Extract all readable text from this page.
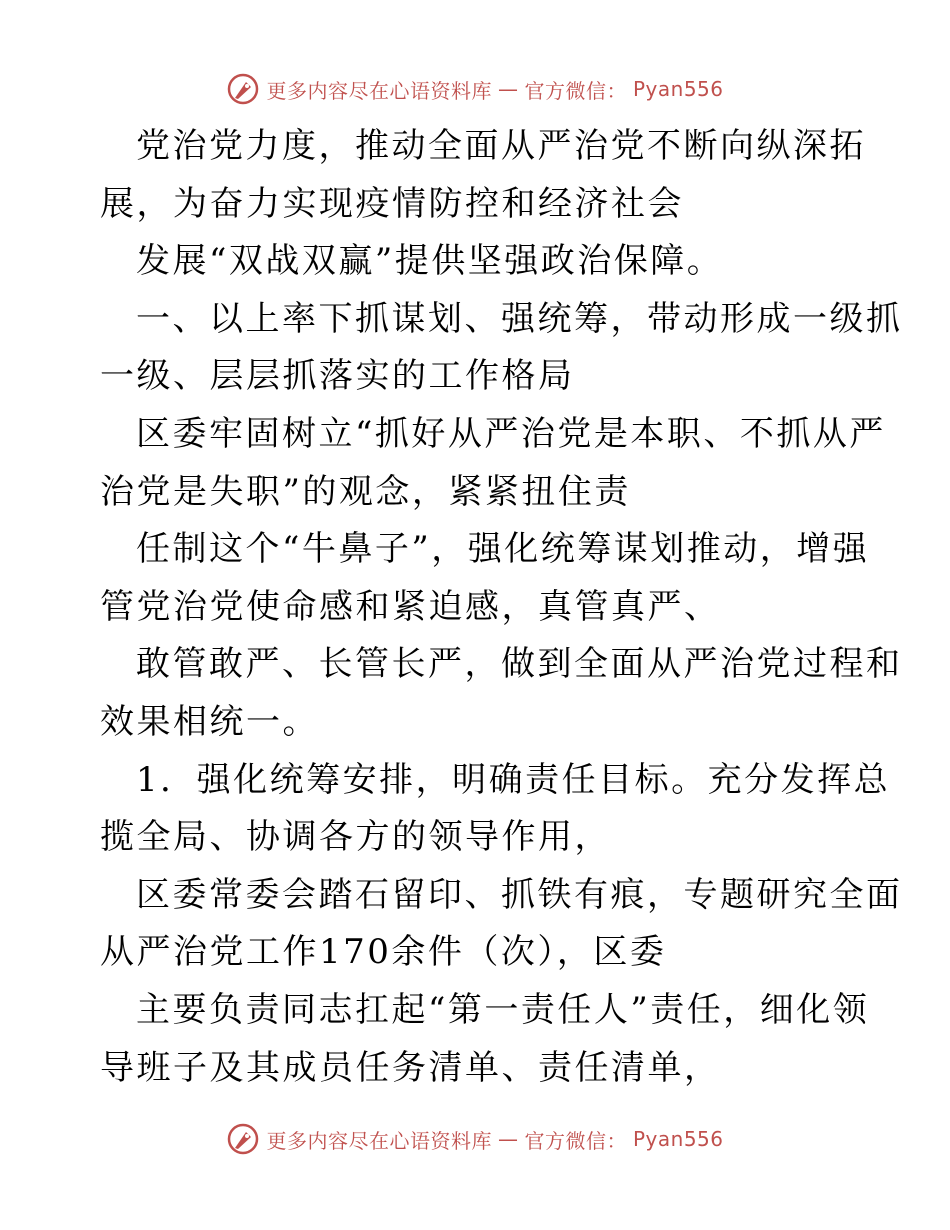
更多内容尽在心语资料库 — 官方微信： Pyan556
党治党力度，推动全面从严治党不断向纵深拓
展，为奋力实现疫情防控和经济社会
发展“双战双赢”提供坚强政治保障。
一、以上率下抓谋划、强统筹，带动形成一级抓
一级、层层抓落实的工作格局
区委牢固树立“抓好从严治党是本职、不抓从严
治党是失职”的观念，紧紧扭住责
任制这个“牛鼻子”，强化统筹谋划推动，增强
管党治党使命感和紧迫感，真管真严、
敢管敢严、长管长严，做到全面从严治党过程和
效果相统一。
1．强化统筹安排，明确责任目标。充分发挥总
揽全局、协调各方的领导作用，
区委常委会踏石留印、抓铁有痕，专题研究全面
从严治党工作170余件（次），区委
主要负责同志扛起“第一责任人”责任，细化领
导班子及其成员任务清单、责任清单，
更多内容尽在心语资料库 — 官方微信： Pyan556
